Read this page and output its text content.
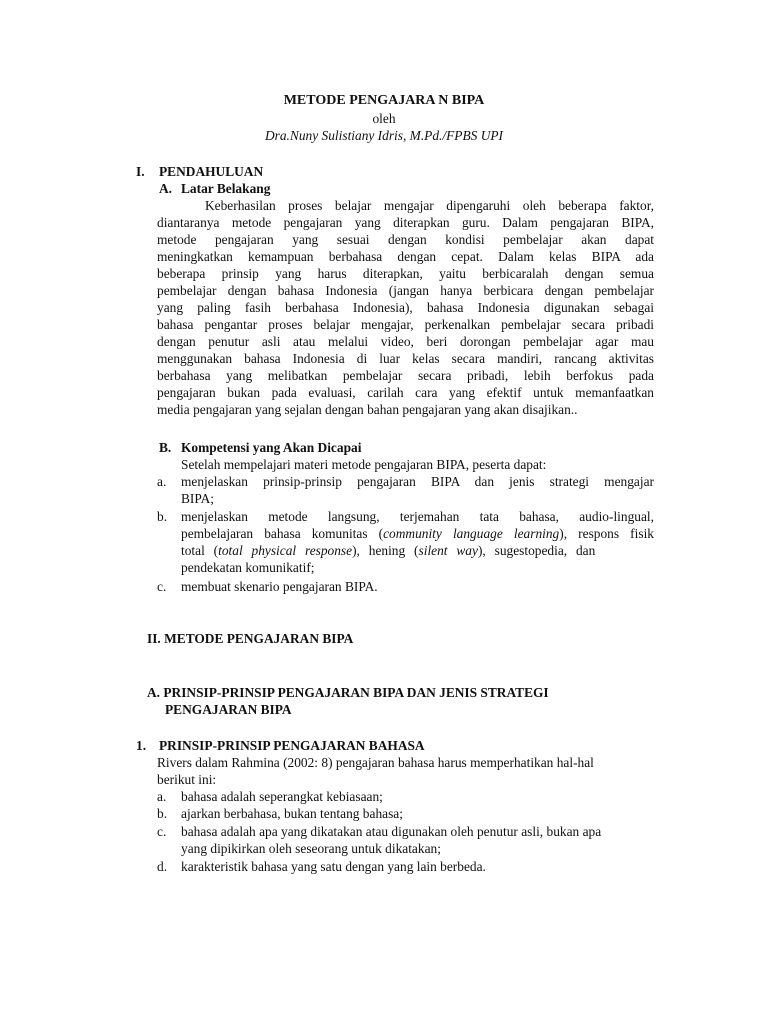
METODE PENGAJARA N BIPA
oleh
Dra.Nuny Sulistiany Idris, M.Pd./FPBS UPI
I. PENDAHULUAN
A. Latar Belakang
Keberhasilan proses belajar mengajar dipengaruhi oleh beberapa faktor,
diantaranya metode pengajaran yang diterapkan guru. Dalam pengajaran BIPA,
metode pengajaran yang sesuai dengan kondisi pembelajar akan dapat
meningkatkan kemampuan berbahasa dengan cepat. Dalam kelas BIPA ada
beberapa prinsip yang harus diterapkan, yaitu berbicaralah dengan semua
pembelajar dengan bahasa Indonesia (jangan hanya berbicara dengan pembelajar
yang paling fasih berbahasa Indonesia), bahasa Indonesia digunakan sebagai
bahasa pengantar proses belajar mengajar, perkenalkan pembelajar secara pribadi
dengan penutur asli atau melalui video, beri dorongan pembelajar agar mau
menggunakan bahasa Indonesia di luar kelas secara mandiri, rancang aktivitas
berbahasa yang melibatkan pembelajar secara pribadi, lebih berfokus pada
pengajaran bukan pada evaluasi, carilah cara yang efektif untuk memanfaatkan
media pengajaran yang sejalan dengan bahan pengajaran yang akan disajikan..
B. Kompetensi yang Akan Dicapai
Setelah mempelajari materi metode pengajaran BIPA, peserta dapat:
a. menjelaskan prinsip-prinsip pengajaran BIPA dan jenis strategi mengajar
BIPA;
b. menjelaskan metode langsung, terjemahan tata bahasa, audio-lingual,
pembelajaran bahasa komunitas (community language learning), respons fisik
total (total physical response), hening (silent way), sugestopedia, dan
pendekatan komunikatif;
c. membuat skenario pengajaran BIPA.
II. METODE PENGAJARAN BIPA
A. PRINSIP-PRINSIP PENGAJARAN BIPA DAN JENIS STRATEGI
PENGAJARAN BIPA
1. PRINSIP-PRINSIP PENGAJARAN BAHASA
Rivers dalam Rahmina (2002: 8) pengajaran bahasa harus memperhatikan hal-hal
berikut ini:
a. bahasa adalah seperangkat kebiasaan;
b. ajarkan berbahasa, bukan tentang bahasa;
c. bahasa adalah apa yang dikatakan atau digunakan oleh penutur asli, bukan apa
yang dipikirkan oleh seseorang untuk dikatakan;
d. karakteristik bahasa yang satu dengan yang lain berbeda.
